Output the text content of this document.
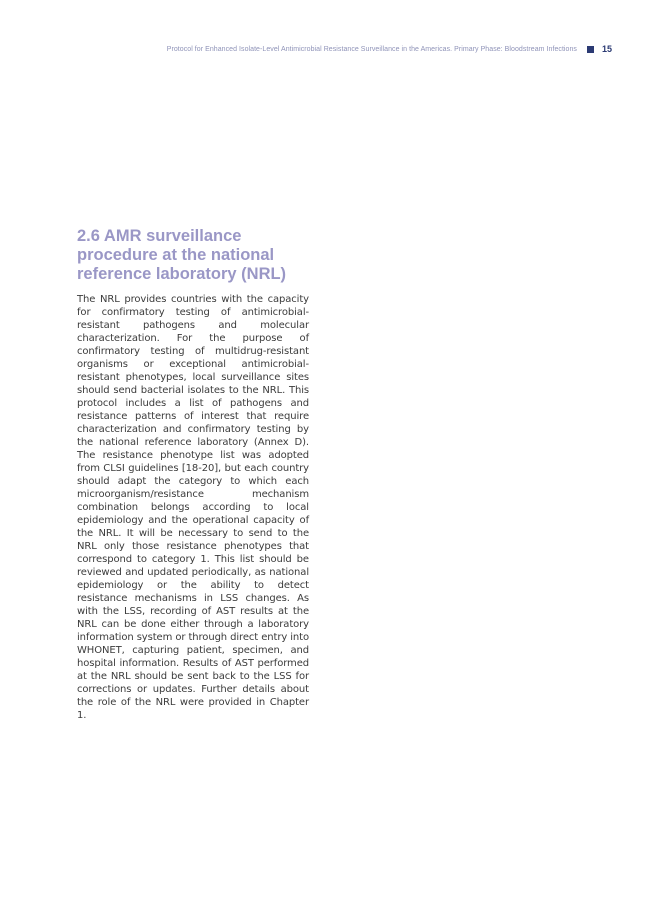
Protocol for Enhanced Isolate-Level Antimicrobial Resistance Surveillance in the Americas. Primary Phase: Bloodstream Infections	15
2.6 AMR surveillance procedure at the national reference laboratory (NRL)

The NRL provides countries with the capacity for confirmatory testing of antimicrobial-resistant pathogens and molecular characterization. For the purpose of confirmatory testing of multidrug-resistant organisms or exceptional antimicrobial-resistant phenotypes, local surveillance sites should send bacterial isolates to the NRL. This protocol includes a list of pathogens and resistance patterns of interest that require characterization and confirmatory testing by the national reference laboratory (Annex D). The resistance phenotype list was adopted from CLSI guidelines [18-20], but each country should adapt the category to which each microorganism/resistance mechanism combination belongs according to local epidemiology and the operational capacity of the NRL. It will be necessary to send to the NRL only those resistance phenotypes that correspond to category 1. This list should be reviewed and updated periodically, as national epidemiology or the ability to detect resistance mechanisms in LSS changes. As with the LSS, recording of AST results at the NRL can be done either through a laboratory information system or through direct entry into WHONET, capturing patient, specimen, and hospital information. Results of AST performed at the NRL should be sent back to the LSS for corrections or updates. Further details about the role of the NRL were provided in Chapter 1.
